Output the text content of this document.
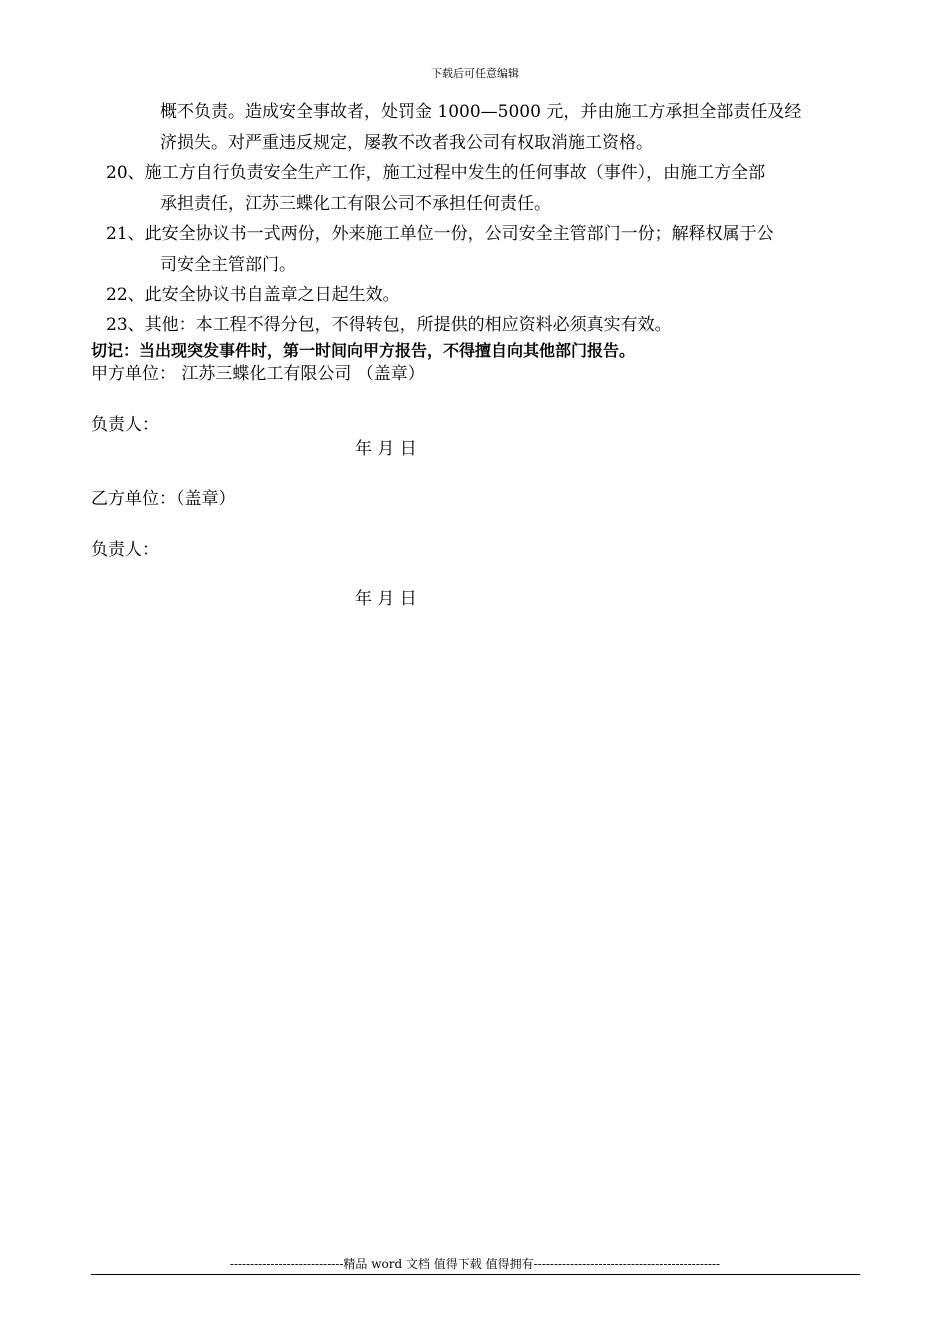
下载后可任意编辑
概不负责。造成安全事故者，处罚金 1000—5000 元，并由施工方承担全部责任及经
济损失。对严重违反规定，屡教不改者我公司有权取消施工资格。
20、施工方自行负责安全生产工作，施工过程中发生的任何事故（事件），由施工方全部
承担责任，江苏三蝶化工有限公司不承担任何责任。
21、此安全协议书一式两份，外来施工单位一份，公司安全主管部门一份；解释权属于公
司安全主管部门。
22、此安全协议书自盖章之日起生效。
23、其他：本工程不得分包，不得转包，所提供的相应资料必须真实有效。
切记：当出现突发事件时，第一时间向甲方报告，不得擅自向其他部门报告。
甲方单位： 江苏三蝶化工有限公司 （盖章）
负责人：
年 月 日
乙方单位：（盖章）
负责人：
年 月 日
----------------------------精品 word 文档 值得下载 值得拥有----------------------------------------------
